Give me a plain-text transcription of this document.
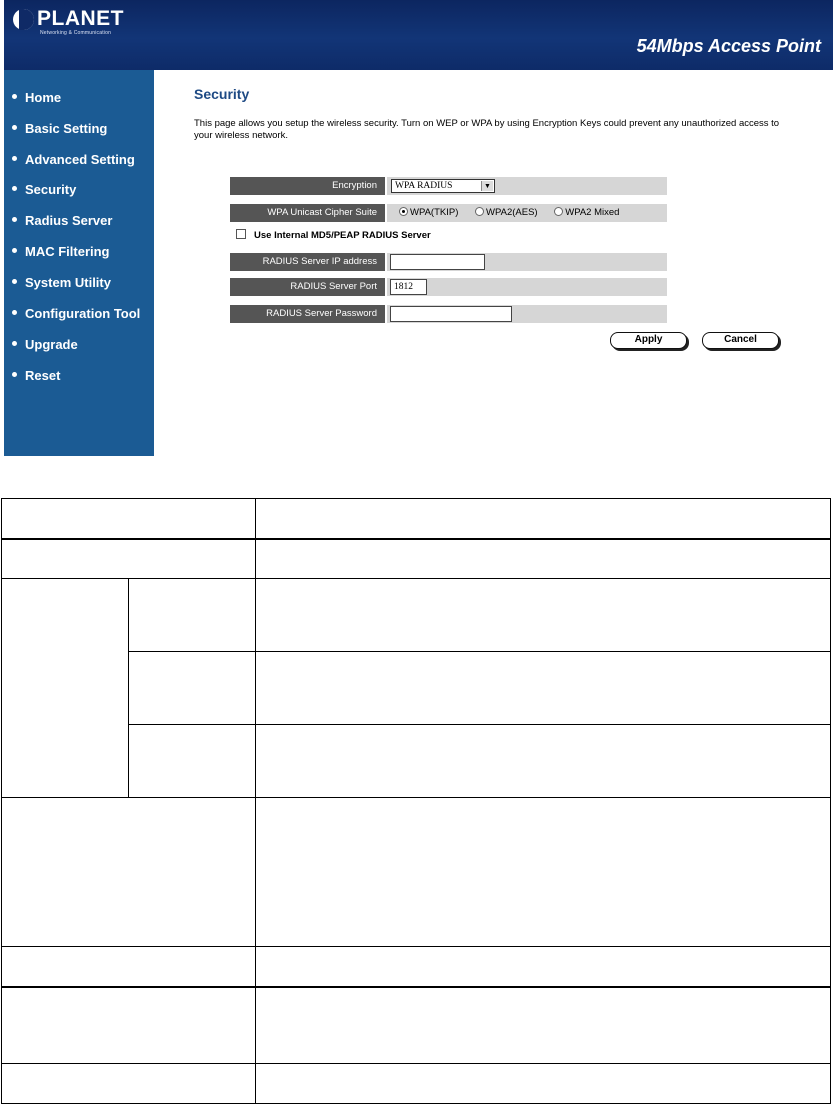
PLANET
Networking & Communication
54Mbps Access Point
Home
Basic Setting
Advanced Setting
Security
Radius Server
MAC Filtering
System Utility
Configuration Tool
Upgrade
Reset
Security
This page allows you setup the wireless security. Turn on WEP or WPA by using Encryption Keys could prevent any unauthorized access to your wireless network.
Encryption	WPA RADIUS	▼
WPA Unicast Cipher Suite	WPA(TKIP)	WPA2(AES)	WPA2 Mixed
Use Internal MD5/PEAP RADIUS Server
RADIUS Server IP address
RADIUS Server Port	1812
RADIUS Server Password
Apply	Cancel
